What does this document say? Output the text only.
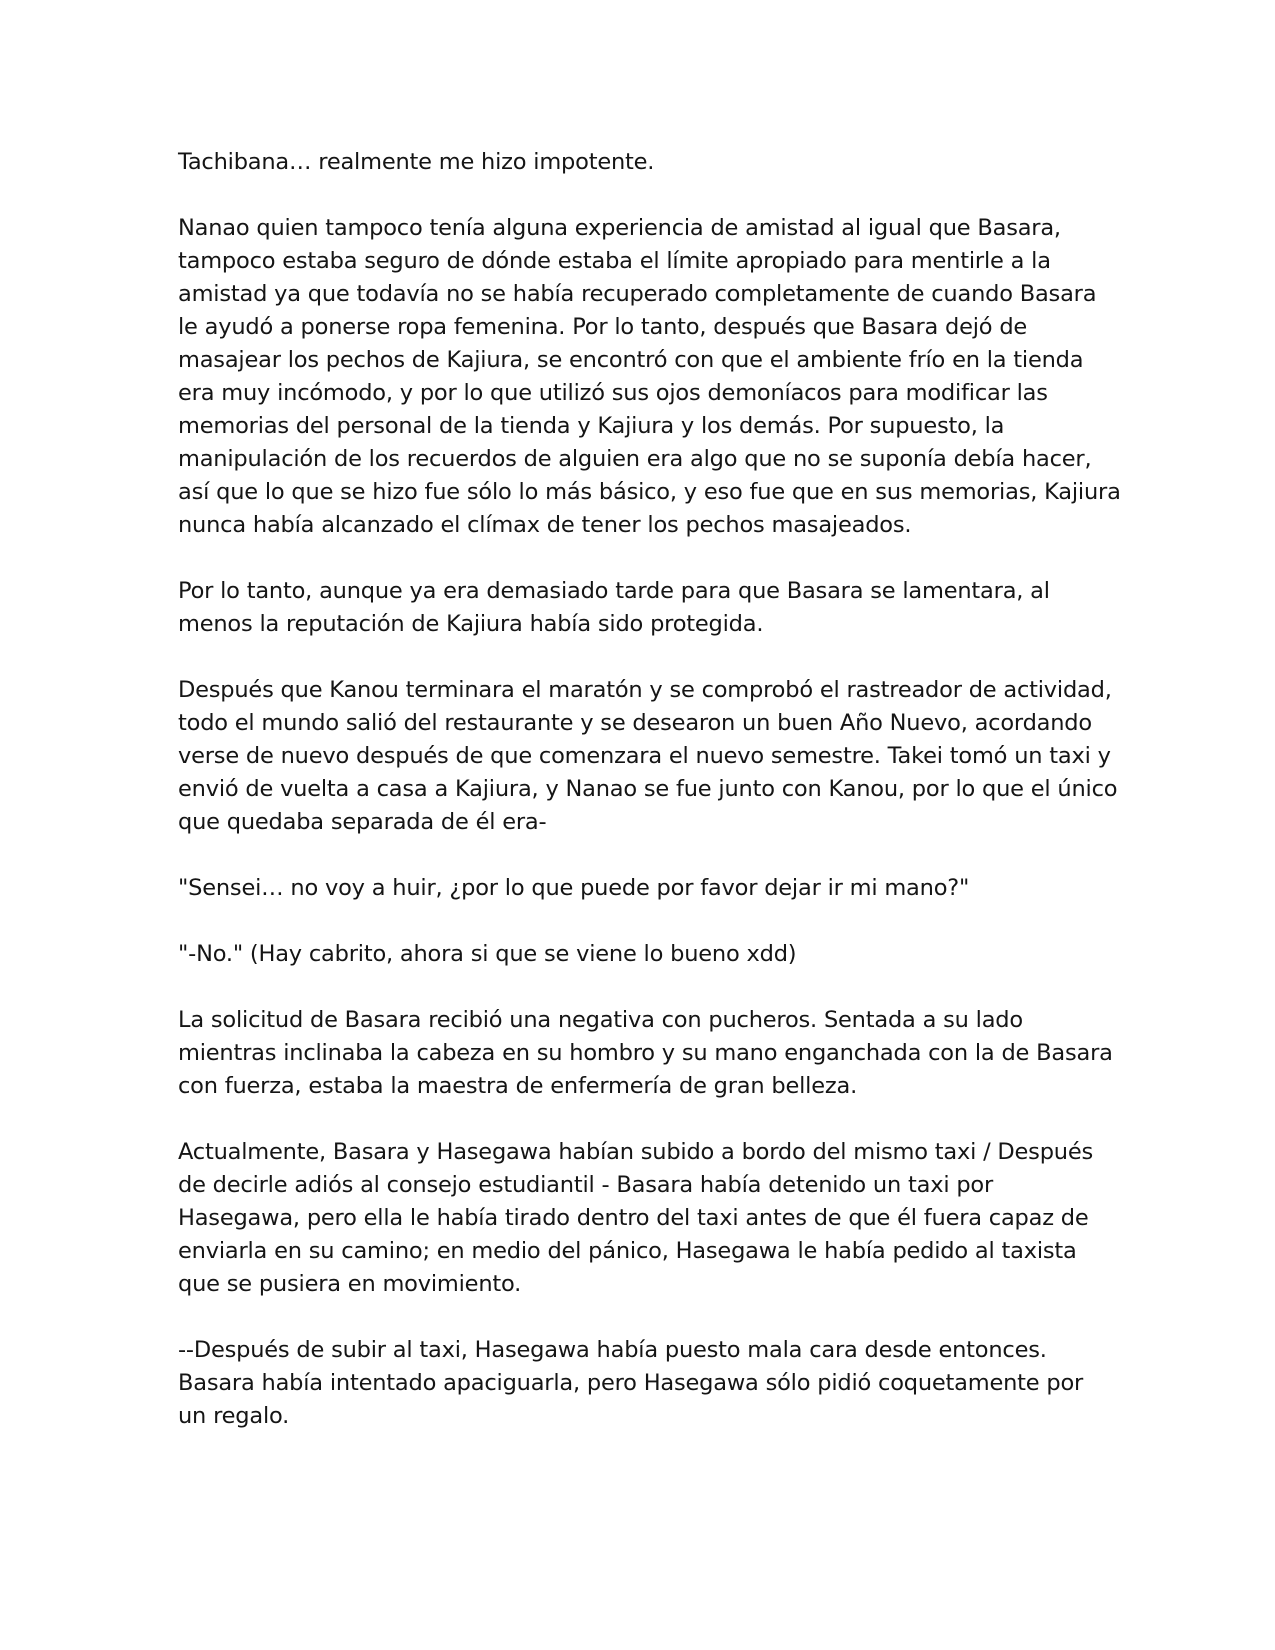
Tachibana… realmente me hizo impotente.

Nanao quien tampoco tenía alguna experiencia de amistad al igual que Basara,
tampoco estaba seguro de dónde estaba el límite apropiado para mentirle a la
amistad ya que todavía no se había recuperado completamente de cuando Basara
le ayudó a ponerse ropa femenina. Por lo tanto, después que Basara dejó de
masajear los pechos de Kajiura, se encontró con que el ambiente frío en la tienda
era muy incómodo, y por lo que utilizó sus ojos demoníacos para modificar las
memorias del personal de la tienda y Kajiura y los demás. Por supuesto, la
manipulación de los recuerdos de alguien era algo que no se suponía debía hacer,
así que lo que se hizo fue sólo lo más básico, y eso fue que en sus memorias, Kajiura
nunca había alcanzado el clímax de tener los pechos masajeados.

Por lo tanto, aunque ya era demasiado tarde para que Basara se lamentara, al
menos la reputación de Kajiura había sido protegida.

Después que Kanou terminara el maratón y se comprobó el rastreador de actividad,
todo el mundo salió del restaurante y se desearon un buen Año Nuevo, acordando
verse de nuevo después de que comenzara el nuevo semestre. Takei tomó un taxi y
envió de vuelta a casa a Kajiura, y Nanao se fue junto con Kanou, por lo que el único
que quedaba separada de él era-

"Sensei… no voy a huir, ¿por lo que puede por favor dejar ir mi mano?"

"-No." (Hay cabrito, ahora si que se viene lo bueno xdd)

La solicitud de Basara recibió una negativa con pucheros. Sentada a su lado
mientras inclinaba la cabeza en su hombro y su mano enganchada con la de Basara
con fuerza, estaba la maestra de enfermería de gran belleza.

Actualmente, Basara y Hasegawa habían subido a bordo del mismo taxi / Después
de decirle adiós al consejo estudiantil - Basara había detenido un taxi por
Hasegawa, pero ella le había tirado dentro del taxi antes de que él fuera capaz de
enviarla en su camino; en medio del pánico, Hasegawa le había pedido al taxista
que se pusiera en movimiento.

--Después de subir al taxi, Hasegawa había puesto mala cara desde entonces.
Basara había intentado apaciguarla, pero Hasegawa sólo pidió coquetamente por
un regalo.
